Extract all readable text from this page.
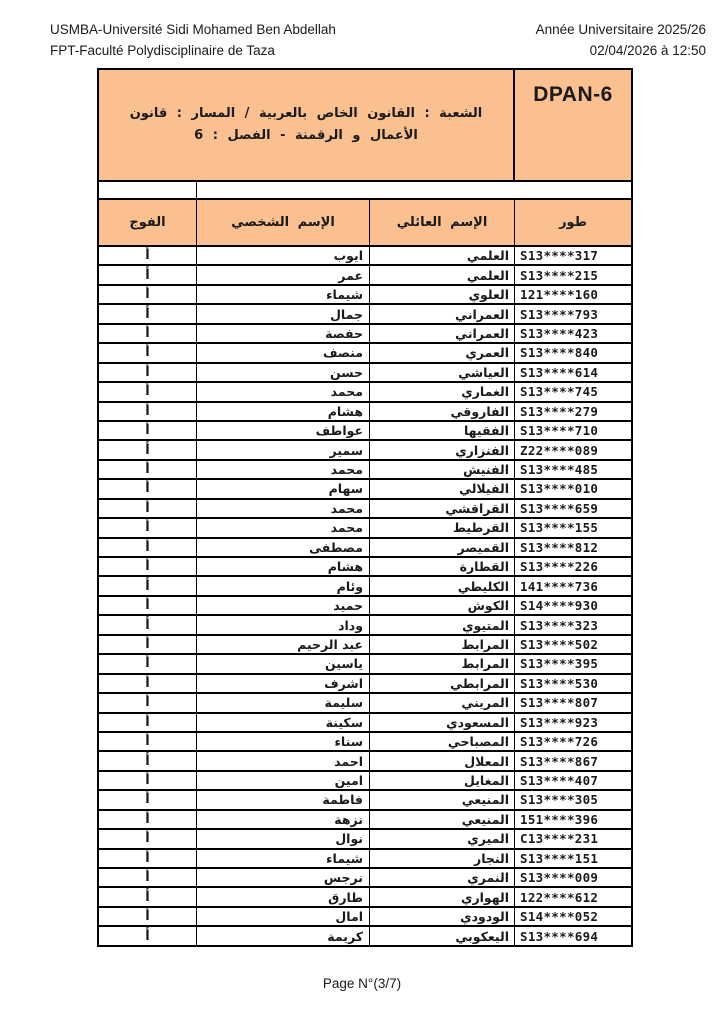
USMBA-Université Sidi Mohamed Ben Abdellah
FPT-Faculté Polydisciplinaire de Taza
Année Universitaire 2025/26
02/04/2026 à 12:50
الشعبة : القانون الخاص بالعربية / المسار : قانون
الأعمال و الرقمنة - الفصل : 6
DPAN-6
الفوج	الإسم الشخصي	الإسم العائلي	طور
أ	ايوب	العلمي S13****317
أ	عمر	العلمي S13****215
أ	شيماء	العلوي 121****160
أ	جمال	العمراني S13****793
أ	حفصة	العمراني S13****423
أ	منصف	العمري S13****840
أ	حسن	العياشي S13****614
أ	محمد	الغماري S13****745
أ	هشام	الفاروقي S13****279
أ	عواطف	الفقيها S13****710
أ	سمير	الفنزاري Z22****089
أ	محمد	الفنيش S13****485
أ	سهام	الفيلالي S13****010
أ	محمد	القراقشي S13****659
أ	محمد	القرطيط S13****155
أ	مصطفى	القميصر S13****812
أ	هشام	القطارة S13****226
أ	وئام	الكليطي 141****736
أ	حميد	الكوش S14****930
أ	وداد	المتيوي S13****323
أ	عبد الرحيم	المرابط S13****502
أ	ياسين	المرابط S13****395
أ	اشرف	المرابطي S13****530
أ	سليمة	المريني S13****807
أ	سكينة	المسعودي S13****923
أ	سناء	المصباحي S13****726
أ	احمد	المعلال S13****867
أ	امين	المغايل S13****407
أ	فاطمة	المنيعي S13****305
أ	نزهة	المنيعي 151****396
أ	نوال	الميري C13****231
أ	شيماء	النجار S13****151
أ	نرجس	النمري S13****009
أ	طارق	الهواري 122****612
أ	امال	الودودي S14****052
أ	كريمة	اليعكوبي S13****694
Page N°(3/7)
